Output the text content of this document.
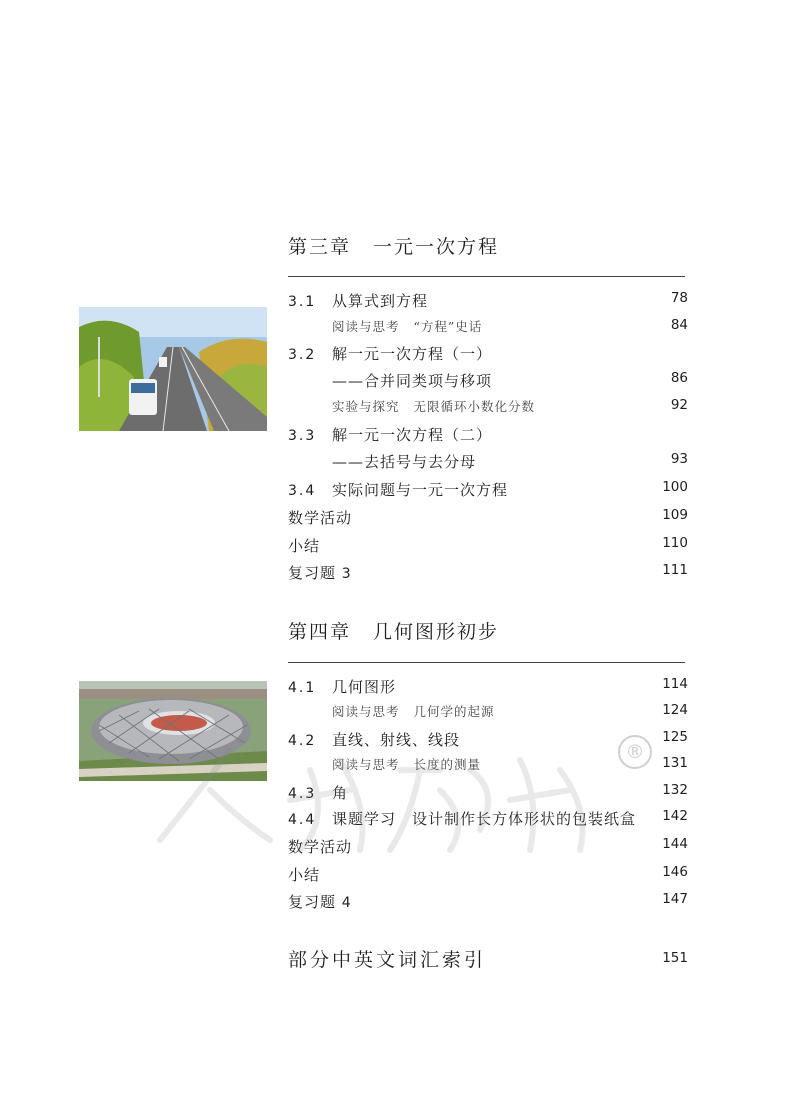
第三章 一元一次方程
3.1 从算式到方程	78
阅读与思考 “方程”史话	84
3.2 解一元一次方程（一）
——合并同类项与移项	86
实验与探究 无限循环小数化分数	92
3.3 解一元一次方程（二）
——去括号与去分母	93
3.4 实际问题与一元一次方程	100
数学活动	109
小结	110
复习题 3	111
第四章 几何图形初步
4.1 几何图形	114
阅读与思考 几何学的起源	124
4.2 直线、射线、线段	125
阅读与思考 长度的测量	131
4.3 角	132
4.4 课题学习　设计制作长方体形状的包装纸盒 142
数学活动	144
小结	146
复习题 4	147
®
部分中英文词汇索引	151
